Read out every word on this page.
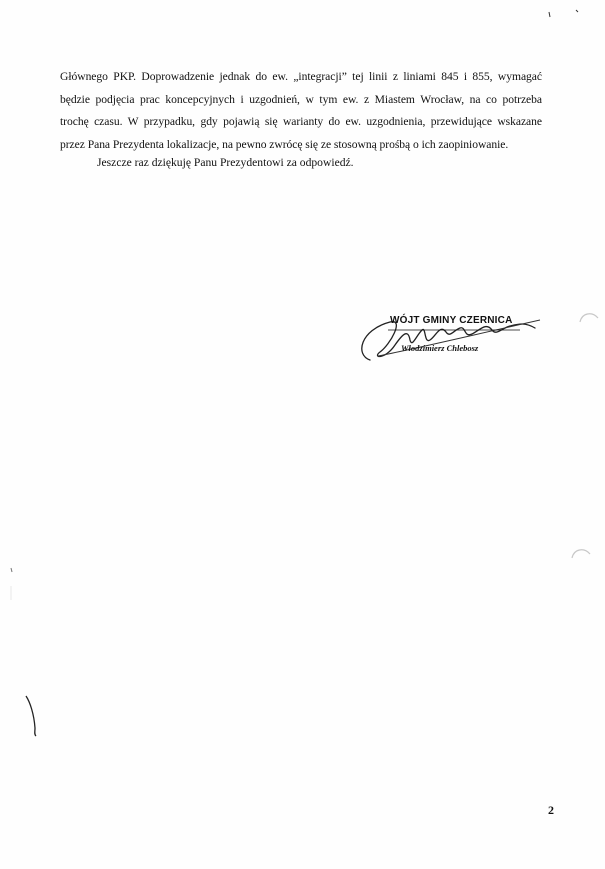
Głównego PKP. Doprowadzenie jednak do ew. „integracji” tej linii z liniami 845 i 855, wymagać
będzie podjęcia prac koncepcyjnych i uzgodnień, w tym ew. z Miastem Wrocław, na co potrzeba
trochę czasu. W przypadku, gdy pojawią się warianty do ew. uzgodnienia, przewidujące wskazane
przez Pana Prezydenta lokalizacje, na pewno zwrócę się ze stosowną prośbą o ich zaopiniowanie.
Jeszcze raz dziękuję Panu Prezydentowi za odpowiedź.
WÓJT GMINY CZERNICA
Włodzimierz Chlebosz
2
